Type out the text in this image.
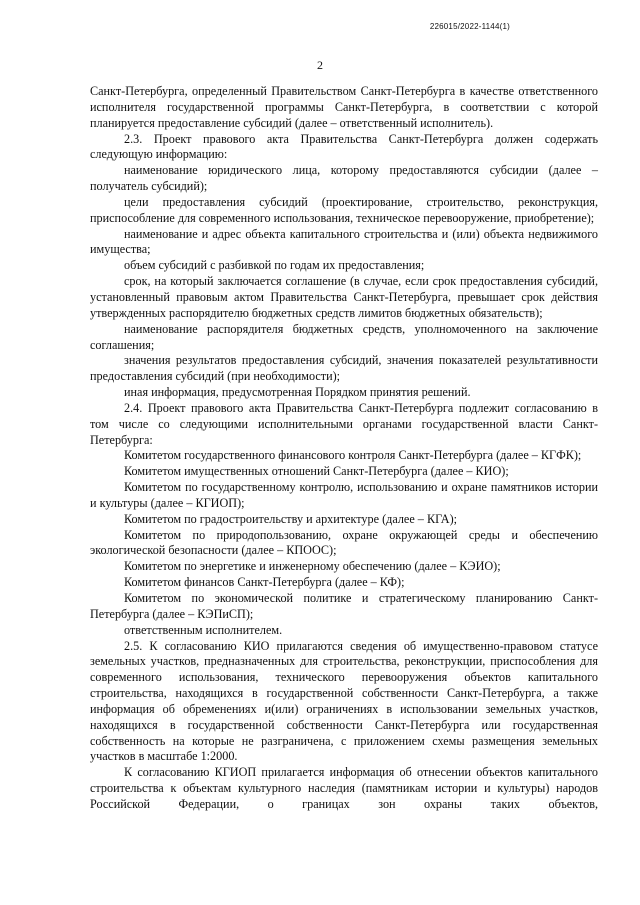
226015/2022-1144(1)
2

Санкт-Петербурга, определенный Правительством Санкт-Петербурга в качестве ответственного исполнителя государственной программы Санкт-Петербурга, в соответствии с которой планируется предоставление субсидий (далее – ответственный исполнитель).

2.3. Проект правового акта Правительства Санкт-Петербурга должен содержать следующую информацию:

наименование юридического лица, которому предоставляются субсидии (далее – получатель субсидий);

цели предоставления субсидий (проектирование, строительство, реконструкция, приспособление для современного использования, техническое перевооружение, приобретение);

наименование и адрес объекта капитального строительства и (или) объекта недвижимого имущества;

объем субсидий с разбивкой по годам их предоставления;

срок, на который заключается соглашение (в случае, если срок предоставления субсидий, установленный правовым актом Правительства Санкт-Петербурга, превышает срок действия утвержденных распорядителю бюджетных средств лимитов бюджетных обязательств);

наименование распорядителя бюджетных средств, уполномоченного на заключение соглашения;

значения результатов предоставления субсидий, значения показателей результативности предоставления субсидий (при необходимости);

иная информация, предусмотренная Порядком принятия решений.

2.4. Проект правового акта Правительства Санкт-Петербурга подлежит согласованию в том числе со следующими исполнительными органами государственной власти Санкт-Петербурга:

Комитетом государственного финансового контроля Санкт-Петербурга (далее – КГФК);

Комитетом имущественных отношений Санкт-Петербурга (далее – КИО);

Комитетом по государственному контролю, использованию и охране памятников истории и культуры (далее – КГИОП);

Комитетом по градостроительству и архитектуре (далее – КГА);

Комитетом по природопользованию, охране окружающей среды и обеспечению экологической безопасности (далее – КПООС);

Комитетом по энергетике и инженерному обеспечению (далее – КЭИО);

Комитетом финансов Санкт-Петербурга (далее – КФ);

Комитетом по экономической политике и стратегическому планированию Санкт-Петербурга (далее – КЭПиСП);

ответственным исполнителем.

2.5. К согласованию КИО прилагаются сведения об имущественно-правовом статусе земельных участков, предназначенных для строительства, реконструкции, приспособления для современного использования, технического перевооружения объектов капитального строительства, находящихся в государственной собственности Санкт-Петербурга, а также информация об обременениях и(или) ограничениях в использовании земельных участков, находящихся в государственной собственности Санкт-Петербурга или государственная собственность на которые не разграничена, с приложением схемы размещения земельных участков в масштабе 1:2000.

К согласованию КГИОП прилагается информация об отнесении объектов капитального строительства к объектам культурного наследия (памятникам истории и культуры) народов Российской Федерации, о границах зон охраны таких объектов,
